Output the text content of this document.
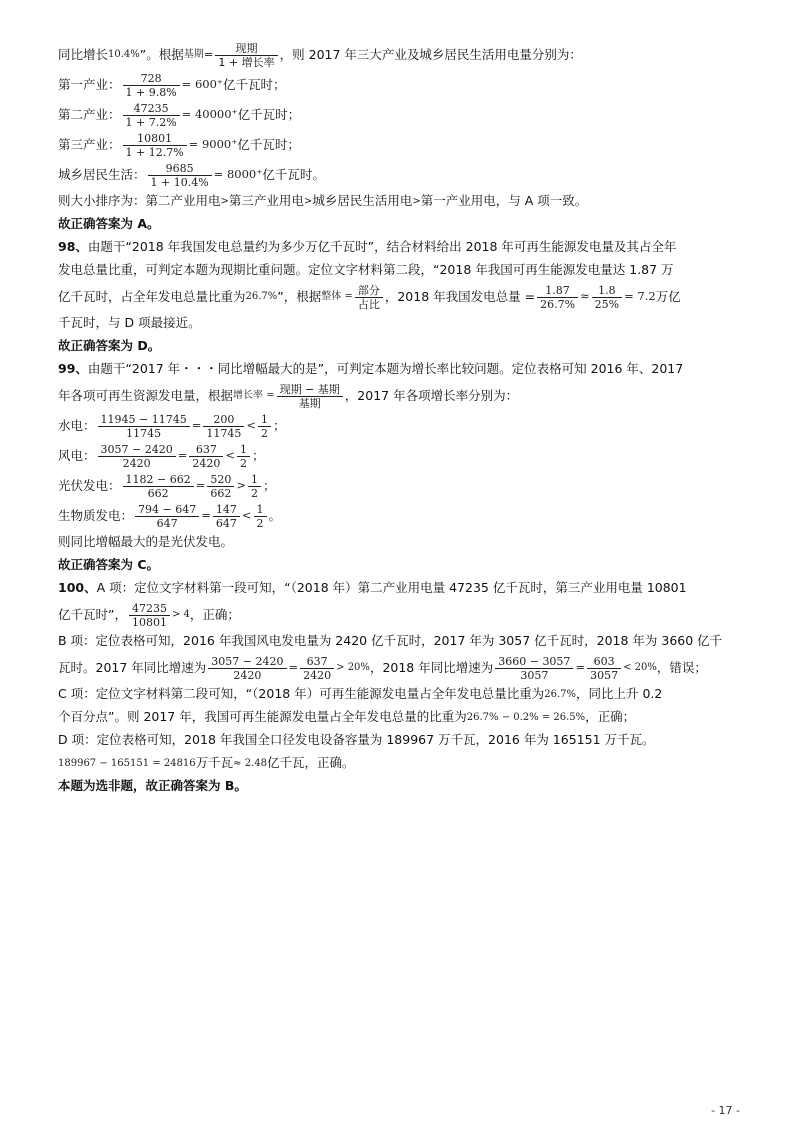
同比增长 10.4% ”。根据 基期 = $\frac{\text{现期}}{\text{1 + 增长率}}$ ，则 2017 年三大产业及城乡居民生活用电量分别为：

第一产业： $\frac{728}{1 + 9.8\%} = 600^+$ 亿千瓦时；

第二产业： $\frac{47235}{1 + 7.2\%} = 40000^+$ 亿千瓦时；

第三产业： $\frac{10801}{1 + 12.7\%} = 9000^+$ 亿千瓦时；

城乡居民生活： $\frac{9685}{1 + 10.4\%} = 8000^+$ 亿千瓦时。

则大小排序为：第二产业用电 > 第三产业用电 > 城乡居民生活用电 > 第一产业用电，与 A 项一致。

故正确答案为 A。

98、 由题干“2018 年我国发电总量约为多少万亿千瓦时”，结合材料给出 2018 年可再生能源发电量及其占全年

发电总量比重，可判定本题为现期比重问题。定位文字材料第二段，“2018 年我国可再生能源发电量达 1.87 万

亿千瓦时，占全年发电总量比重为 26.7% ”，根据 整体 = $\frac{\text{部分}}{\text{占比}}$ ，2018 年我国发电总量 = $\frac{1.87}{26.7\%} \approx \frac{1.8}{25\%} = 7.2$ 万亿

千瓦时，与 D 项最接近。

故正确答案为 D。

99、 由题干“2017 年・・・同比增幅最大的是”，可判定本题为增长率比较问题。定位表格可知 2016 年、2017

年各项可再生资源发电量，根据 增长率 = $\frac{\text{现期 − 基期}}{\text{基期}}$ ，2017 年各项增长率分别为：

水电： $\frac{11945 - 11745}{11745} = \frac{200}{11745} < \frac{1}{2}$ ；

风电： $\frac{3057 - 2420}{2420} = \frac{637}{2420} < \frac{1}{2}$ ；

光伏发电： $\frac{1182 - 662}{662} = \frac{520}{662} > \frac{1}{2}$ ；

生物质发电： $\frac{794 - 647}{647} = \frac{147}{647} < \frac{1}{2}$ 。

则同比增幅最大的是光伏发电。

故正确答案为 C。

100、 A 项：定位文字材料第一段可知，“（2018 年）第二产业用电量 47235 亿千瓦时，第三产业用电量 10801

亿千瓦时”， $\frac{47235}{10801} > 4$ ，正确；

B 项：定位表格可知，2016 年我国风电发电量为 2420 亿千瓦时，2017 年为 3057 亿千瓦时，2018 年为 3660 亿千

瓦时。2017 年同比增速为 $\frac{3057 - 2420}{2420} = \frac{637}{2420} > 20\%$ ，2018 年同比增速为 $\frac{3660 - 3057}{3057} = \frac{603}{3057} < 20\%$ ，错误；

C 项：定位文字材料第二段可知，“（2018 年）可再生能源发电量占全年发电总量比重为 26.7% ，同比上升 0.2

个百分点”。则 2017 年，我国可再生能源发电量占全年发电总量的比重为 26.7% − 0.2% = 26.5% ，正确；

D 项：定位表格可知，2018 年我国全口径发电设备容量为 189967 万千瓦，2016 年为 165151 万千瓦。

189967 − 165151 = 24816 万千瓦 ≈ 2.48 亿千瓦，正确。

本题为选非题，故正确答案为 B。

- 17 -
